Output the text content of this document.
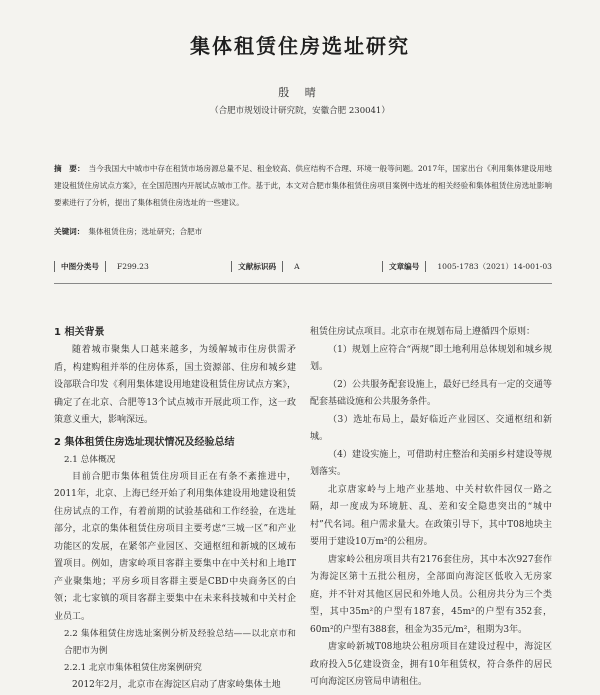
集体租赁住房选址研究
殷 晴
（合肥市规划设计研究院，安徽合肥 230041）
摘　要： 当今我国大中城市中存在租赁市场房源总量不足、租金较高、供应结构不合理、环境一般等问题。2017年，国家出台《利用集体建设用地建设租赁住房试点方案》，在全国范围内开展试点城市工作。基于此，本文对合肥市集体租赁住房项目案例中选址的相关经验和集体租赁住房选址影响要素进行了分析，提出了集体租赁住房选址的一些建议。
关键词： 集体租赁住房；选址研究；合肥市
中图分类号	F299.23	文献标识码	A	文章编号	1005-1783（2021）14-001-03

1 相关背景

随着城市聚集人口越来越多，为缓解城市住房供需矛盾，构建购租并举的住房体系，国土资源部、住房和城乡建设部联合印发《利用集体建设用地建设租赁住房试点方案》，确定了在北京、合肥等13个试点城市开展此项工作，这一政策意义重大，影响深远。

2 集体租赁住房选址现状情况及经验总结

2.1 总体概况

目前合肥市集体租赁住房项目正在有条不紊推进中，2011年，北京、上海已经开始了利用集体建设用地建设租赁住房试点的工作，有着前期的试验基础和工作经验，在选址部分，北京的集体租赁住房项目主要考虑“三城一区”和产业功能区的发展，在紧邻产业园区、交通枢纽和新城的区域布置项目。例如，唐家岭项目客群主要集中在中关村和上地IT产业聚集地；平房乡项目客群主要是CBD中央商务区的白领；北七家镇的项目客群主要集中在未来科技城和中关村企业员工。

2.2 集体租赁住房选址案例分析及经验总结——以北京市和合肥市为例

2.2.1 北京市集体租赁住房案例研究

2012年2月，北京市在海淀区启动了唐家岭集体土地

租赁住房试点项目。北京市在规划布局上遵循四个原则：

（1）规划上应符合“两规”即土地利用总体规划和城乡规划。

（2）公共服务配套设施上，最好已经具有一定的交通等配套基础设施和公共服务条件。

（3）选址布局上，最好临近产业园区、交通枢纽和新城。

（4）建设实施上，可借助村庄整治和美丽乡村建设等规划落实。

北京唐家岭与上地产业基地、中关村软件园仅一路之隔，却一度成为环境脏、乱、差和安全隐患突出的“城中村”代名词。租户需求量大。在政策引导下，其中T08地块主要用于建设10万m²的公租房。

唐家岭公租房项目共有2176套住房，其中本次927套作为海淀区第十五批公租房，全部面向海淀区低收入无房家庭，并不针对其他区居民和外地人员。公租房共分为三个类型，其中35m²的户型有187套，45m²的户型有352套，60m²的户型有388套，租金为35元/m²，租期为3年。

唐家岭新城T08地块公租房项目在建设过程中，海淀区政府投入5亿建设资金，拥有10年租赁权，符合条件的居民可向海淀区房管局申请租住。
